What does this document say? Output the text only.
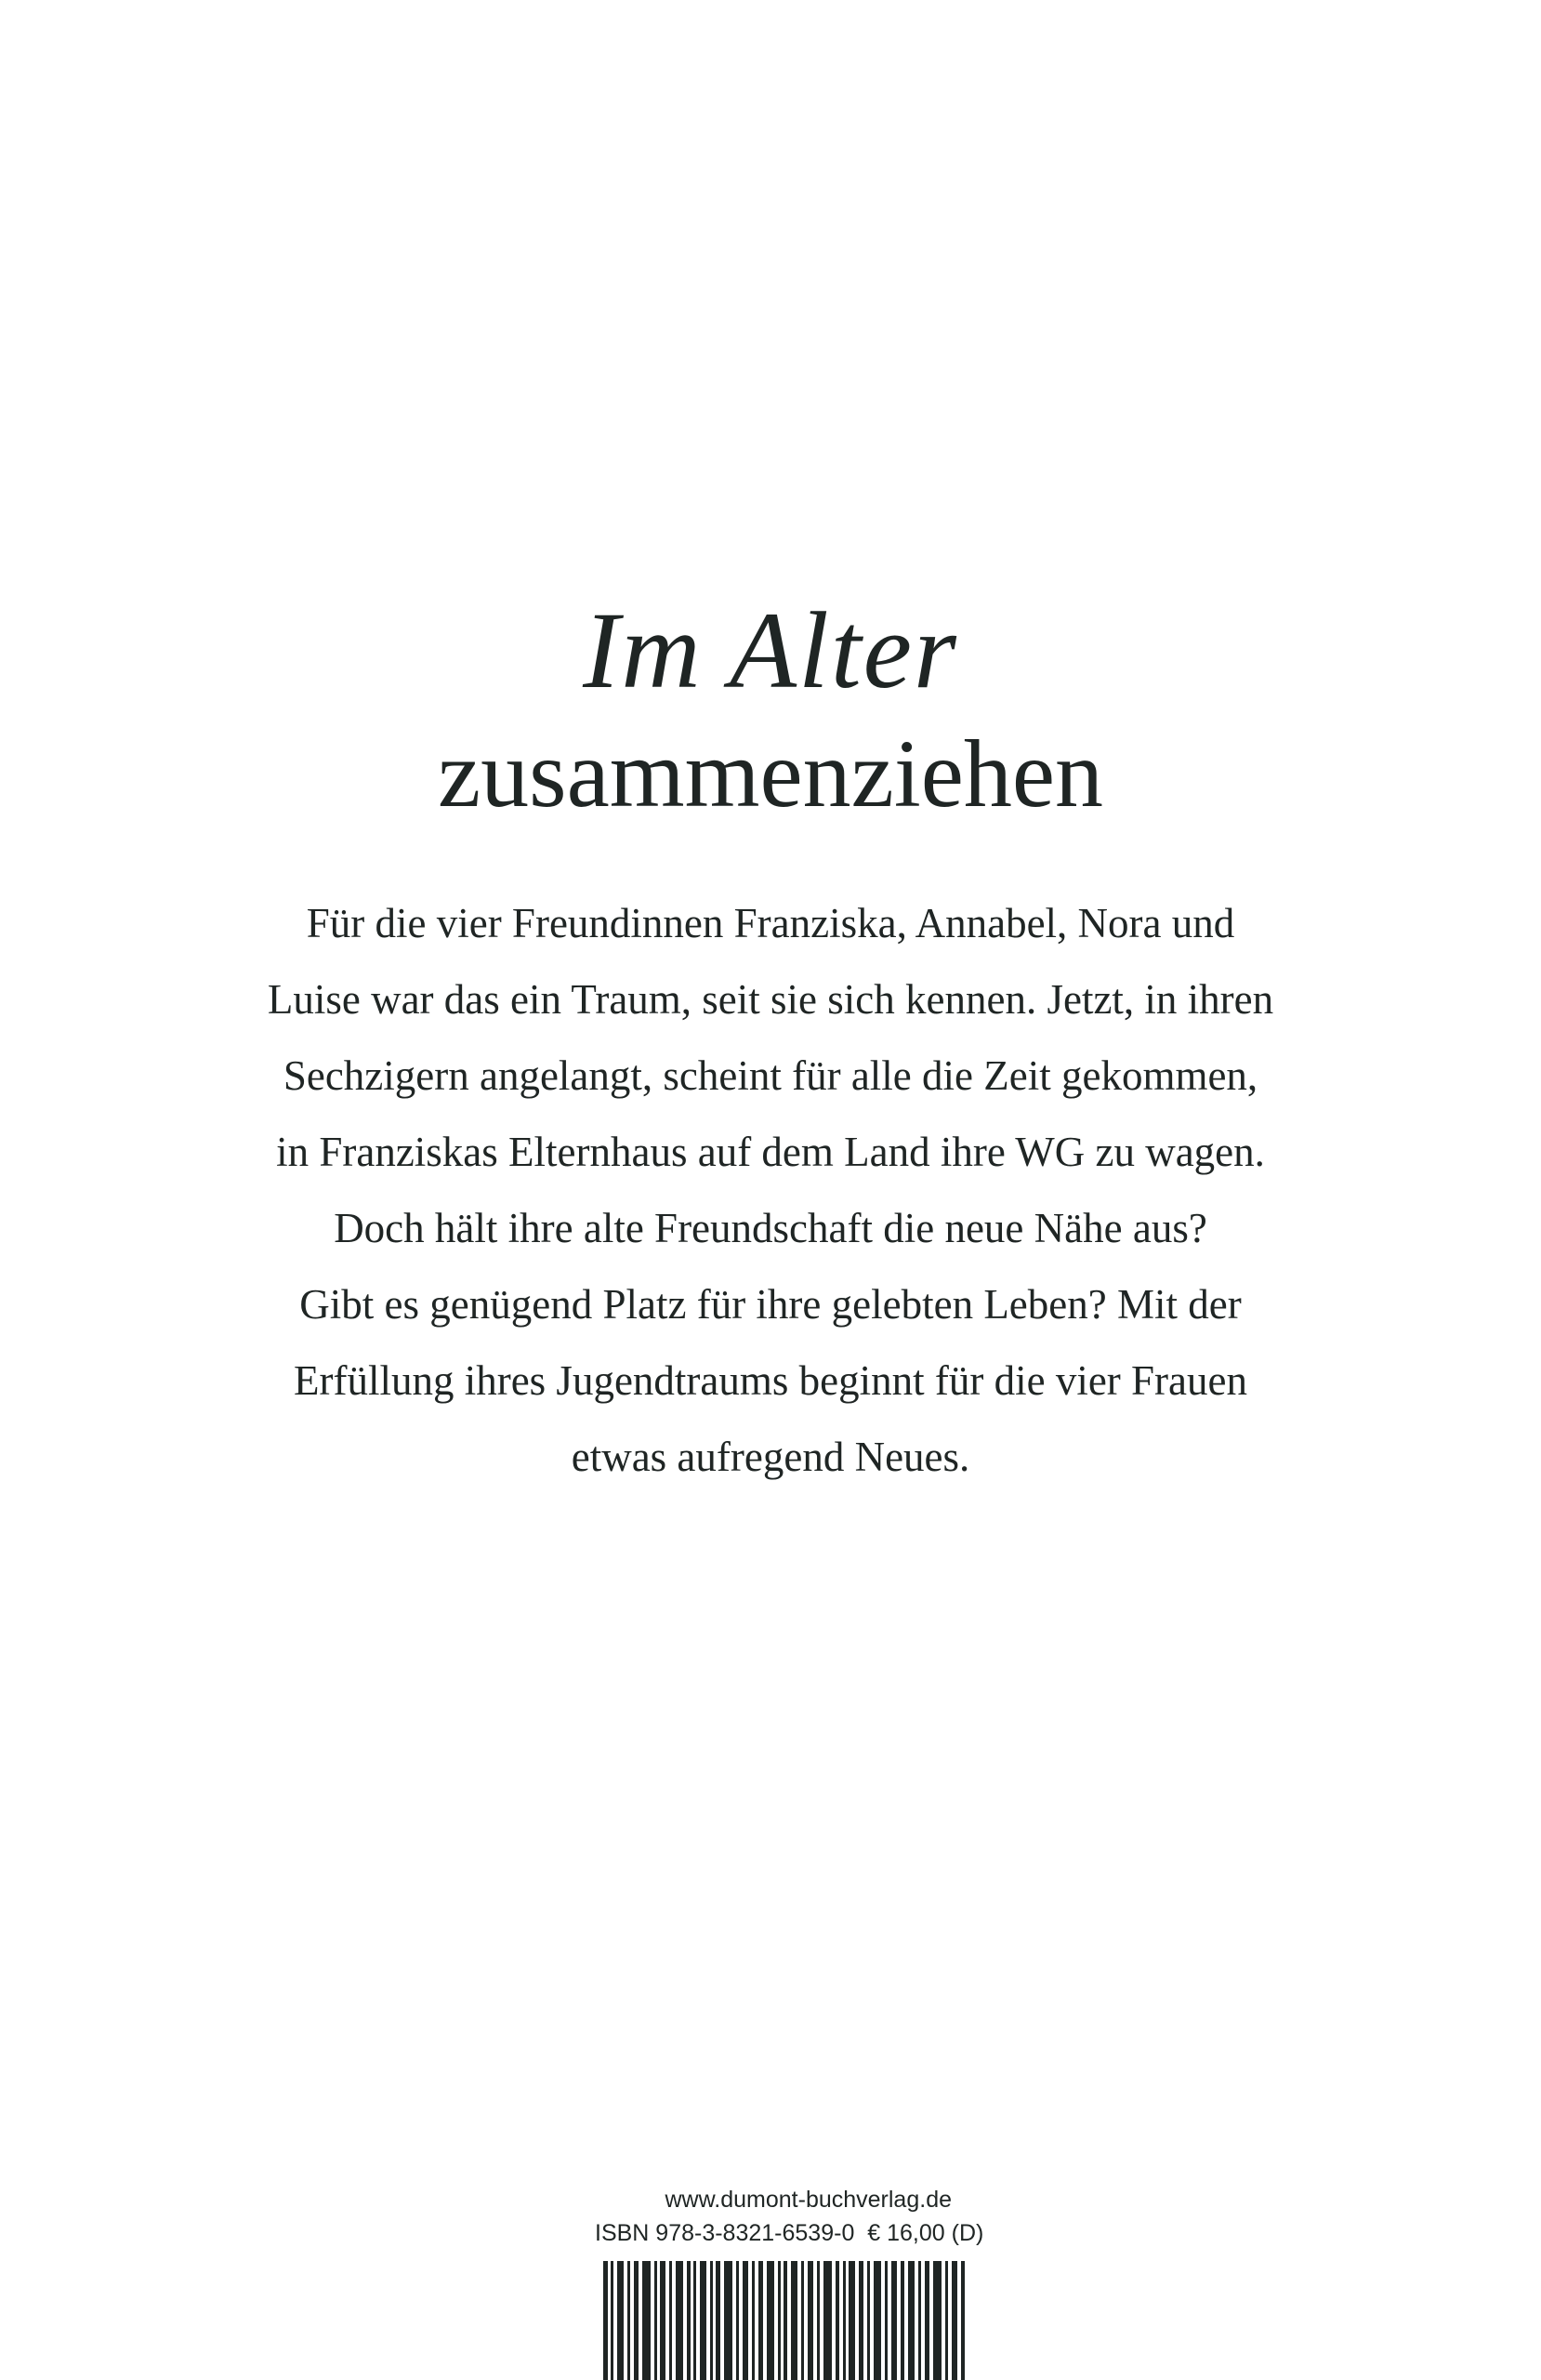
Im Alter
zusammenziehen
Für die vier Freundinnen Franziska, Annabel, Nora und
Luise war das ein Traum, seit sie sich kennen. Jetzt, in ihren
Sechzigern angelangt, scheint für alle die Zeit gekommen,
in Franziskas Elternhaus auf dem Land ihre WG zu wagen.
Doch hält ihre alte Freundschaft die neue Nähe aus?
Gibt es genügend Platz für ihre gelebten Leben? Mit der
Erfüllung ihres Jugendtraums beginnt für die vier Frauen
etwas aufregend Neues.
www.dumont-buchverlag.de
ISBN 978-3-8321-6539-0 € 16,00 (D)
